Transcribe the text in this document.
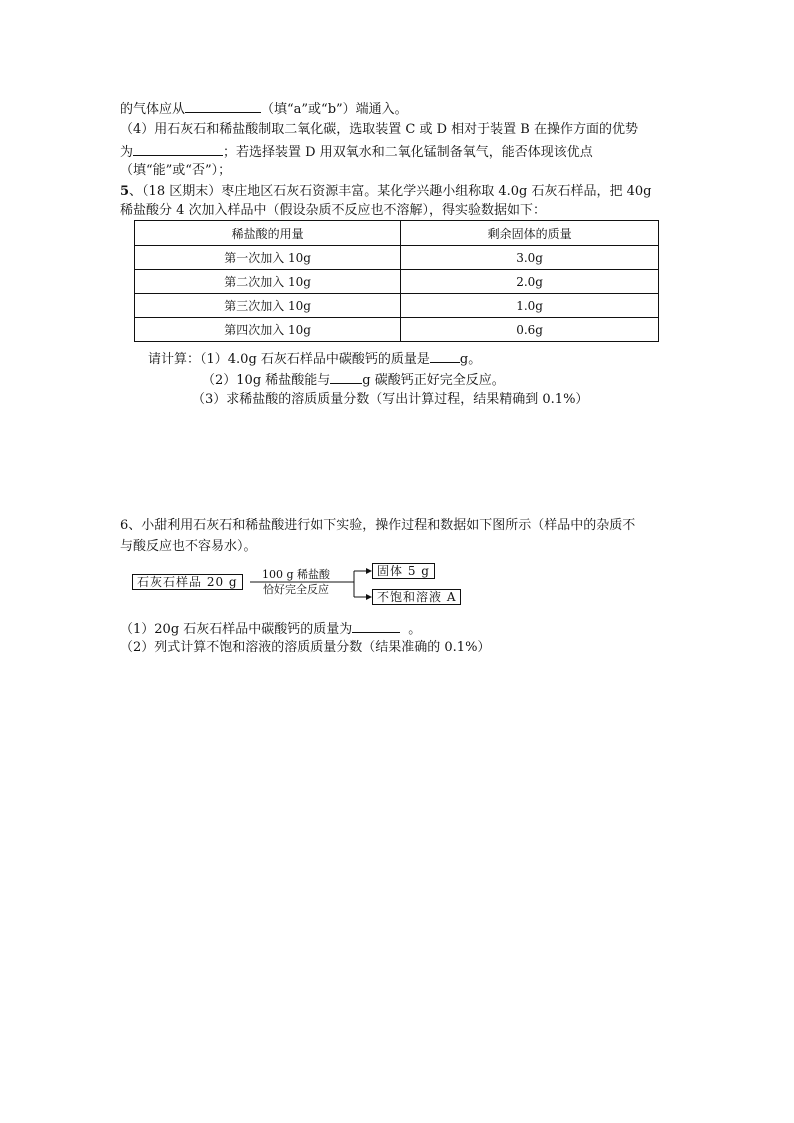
的气体应从	（填“a”或“b”）端通入。
（4）用石灰石和稀盐酸制取二氧化碳，选取装置 C 或 D 相对于装置 B 在操作方面的优势
为	；若选择装置 D 用双氧水和二氧化锰制备氧气，能否体现该优点
（填“能”或“否”）；
5、（18 区期末）枣庄地区石灰石资源丰富。某化学兴趣小组称取 4.0g 石灰石样品，把 40g
稀盐酸分 4 次加入样品中（假设杂质不反应也不溶解），得实验数据如下：
稀盐酸的用量	剩余固体的质量
第一次加入 10g	3.0g
第二次加入 10g	2.0g
第三次加入 10g	1.0g
第四次加入 10g	0.6g
请计算：（1）4.0g 石灰石样品中碳酸钙的质量是 g。
（2）10g 稀盐酸能与 g 碳酸钙正好完全反应。
（3）求稀盐酸的溶质质量分数（写出计算过程，结果精确到 0.1%）
6、小甜利用石灰石和稀盐酸进行如下实验，操作过程和数据如下图所示（样品中的杂质不
与酸反应也不容易水）。
石灰石样品 20 g
100 g 稀盐酸
恰好完全反应
固体 5 g
不饱和溶液 A
（1）20g 石灰石样品中碳酸钙的质量为	。
（2）列式计算不饱和溶液的溶质质量分数（结果准确的 0.1%）
